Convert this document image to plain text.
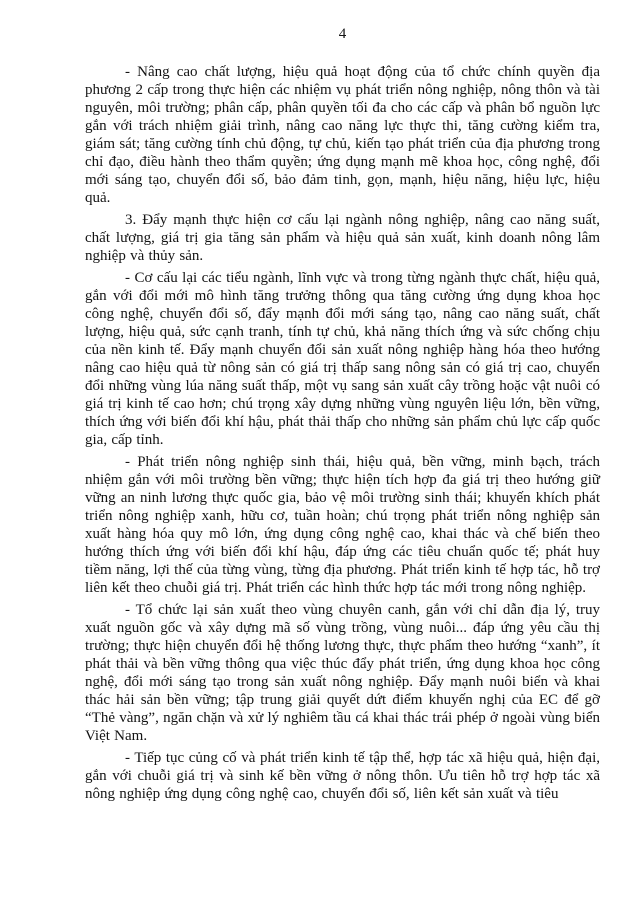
4

- Nâng cao chất lượng, hiệu quả hoạt động của tổ chức chính quyền địa phương 2 cấp trong thực hiện các nhiệm vụ phát triển nông nghiệp, nông thôn và tài nguyên, môi trường; phân cấp, phân quyền tối đa cho các cấp và phân bổ nguồn lực gắn với trách nhiệm giải trình, nâng cao năng lực thực thi, tăng cường kiểm tra, giám sát; tăng cường tính chủ động, tự chủ, kiến tạo phát triển của địa phương trong chỉ đạo, điều hành theo thẩm quyền; ứng dụng mạnh mẽ khoa học, công nghệ, đổi mới sáng tạo, chuyển đổi số, bảo đảm tinh, gọn, mạnh, hiệu năng, hiệu lực, hiệu quả.

3. Đẩy mạnh thực hiện cơ cấu lại ngành nông nghiệp, nâng cao năng suất, chất lượng, giá trị gia tăng sản phẩm và hiệu quả sản xuất, kinh doanh nông lâm nghiệp và thủy sản.

- Cơ cấu lại các tiểu ngành, lĩnh vực và trong từng ngành thực chất, hiệu quả, gắn với đổi mới mô hình tăng trưởng thông qua tăng cường ứng dụng khoa học công nghệ, chuyển đổi số, đẩy mạnh đổi mới sáng tạo, nâng cao năng suất, chất lượng, hiệu quả, sức cạnh tranh, tính tự chủ, khả năng thích ứng và sức chống chịu của nền kinh tế. Đẩy mạnh chuyển đổi sản xuất nông nghiệp hàng hóa theo hướng nâng cao hiệu quả từ nông sản có giá trị thấp sang nông sản có giá trị cao, chuyển đổi những vùng lúa năng suất thấp, một vụ sang sản xuất cây trồng hoặc vật nuôi có giá trị kinh tế cao hơn; chú trọng xây dựng những vùng nguyên liệu lớn, bền vững, thích ứng với biến đổi khí hậu, phát thải thấp cho những sản phẩm chủ lực cấp quốc gia, cấp tỉnh.

- Phát triển nông nghiệp sinh thái, hiệu quả, bền vững, minh bạch, trách nhiệm gắn với môi trường bền vững; thực hiện tích hợp đa giá trị theo hướng giữ vững an ninh lương thực quốc gia, bảo vệ môi trường sinh thái; khuyến khích phát triển nông nghiệp xanh, hữu cơ, tuần hoàn; chú trọng phát triển nông nghiệp sản xuất hàng hóa quy mô lớn, ứng dụng công nghệ cao, khai thác và chế biến theo hướng thích ứng với biến đổi khí hậu, đáp ứng các tiêu chuẩn quốc tế; phát huy tiềm năng, lợi thế của từng vùng, từng địa phương. Phát triển kinh tế hợp tác, hỗ trợ liên kết theo chuỗi giá trị. Phát triển các hình thức hợp tác mới trong nông nghiệp.

- Tổ chức lại sản xuất theo vùng chuyên canh, gắn với chỉ dẫn địa lý, truy xuất nguồn gốc và xây dựng mã số vùng trồng, vùng nuôi... đáp ứng yêu cầu thị trường; thực hiện chuyển đổi hệ thống lương thực, thực phẩm theo hướng “xanh”, ít phát thải và bền vững thông qua việc thúc đẩy phát triển, ứng dụng khoa học công nghệ, đổi mới sáng tạo trong sản xuất nông nghiệp. Đẩy mạnh nuôi biển và khai thác hải sản bền vững; tập trung giải quyết dứt điểm khuyến nghị của EC để gỡ “Thẻ vàng”, ngăn chặn và xử lý nghiêm tầu cá khai thác trái phép ở ngoài vùng biển Việt Nam.

- Tiếp tục củng cố và phát triển kinh tế tập thể, hợp tác xã hiệu quả, hiện đại, gắn với chuỗi giá trị và sinh kế bền vững ở nông thôn. Ưu tiên hỗ trợ hợp tác xã nông nghiệp ứng dụng công nghệ cao, chuyển đổi số, liên kết sản xuất và tiêu
